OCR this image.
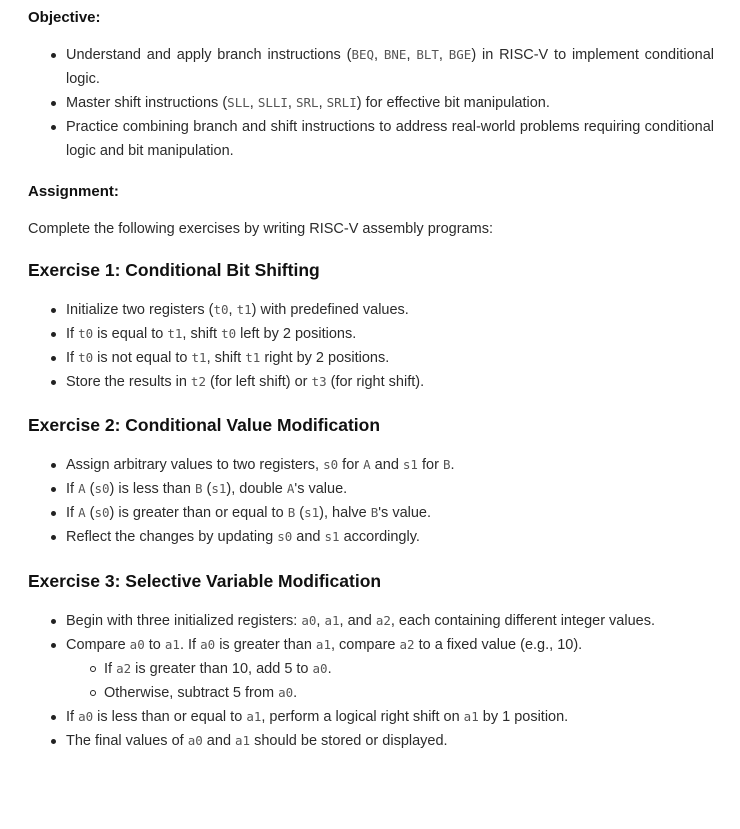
Objective:
Understand and apply branch instructions (BEQ, BNE, BLT, BGE) in RISC-V to implement conditional logic.
Master shift instructions (SLL, SLLI, SRL, SRLI) for effective bit manipulation.
Practice combining branch and shift instructions to address real-world problems requiring conditional logic and bit manipulation.
Assignment:

Complete the following exercises by writing RISC-V assembly programs:

Exercise 1: Conditional Bit Shifting
Initialize two registers (t0, t1) with predefined values.
If t0 is equal to t1, shift t0 left by 2 positions.
If t0 is not equal to t1, shift t1 right by 2 positions.
Store the results in t2 (for left shift) or t3 (for right shift).
Exercise 2: Conditional Value Modification
Assign arbitrary values to two registers, s0 for A and s1 for B.
If A (s0) is less than B (s1), double A's value.
If A (s0) is greater than or equal to B (s1), halve B's value.
Reflect the changes by updating s0 and s1 accordingly.
Exercise 3: Selective Variable Modification
Begin with three initialized registers: a0, a1, and a2, each containing different integer values.
Compare a0 to a1. If a0 is greater than a1, compare a2 to a fixed value (e.g., 10).
If a2 is greater than 10, add 5 to a0.
Otherwise, subtract 5 from a0.
If a0 is less than or equal to a1, perform a logical right shift on a1 by 1 position.
The final values of a0 and a1 should be stored or displayed.
